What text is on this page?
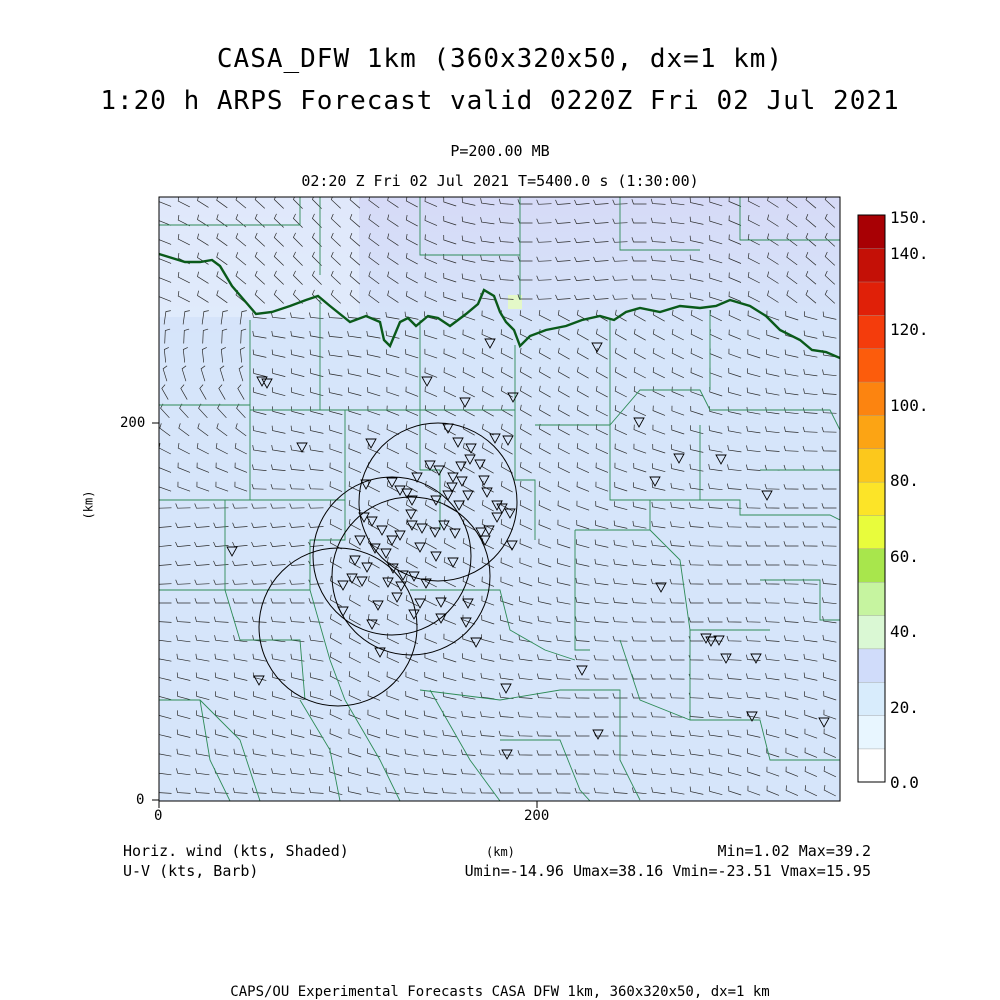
CASA_DFW 1km (360x320x50, dx=1 km)
1:20 h ARPS Forecast valid 0220Z Fri 02 Jul 2021
P=200.00 MB
02:20 Z Fri 02 Jul 2021 T=5400.0 s (1:30:00)
200
0
0	200
(km)
(km)
150.
140.
120.
100.
80.
60.
40.
20.
0.0
Horiz. wind (kts, Shaded)
U-V (kts, Barb)
Min=1.02 Max=39.2
Umin=-14.96 Umax=38.16 Vmin=-23.51 Vmax=15.95
CAPS/OU Experimental Forecasts CASA DFW 1km, 360x320x50, dx=1 km
